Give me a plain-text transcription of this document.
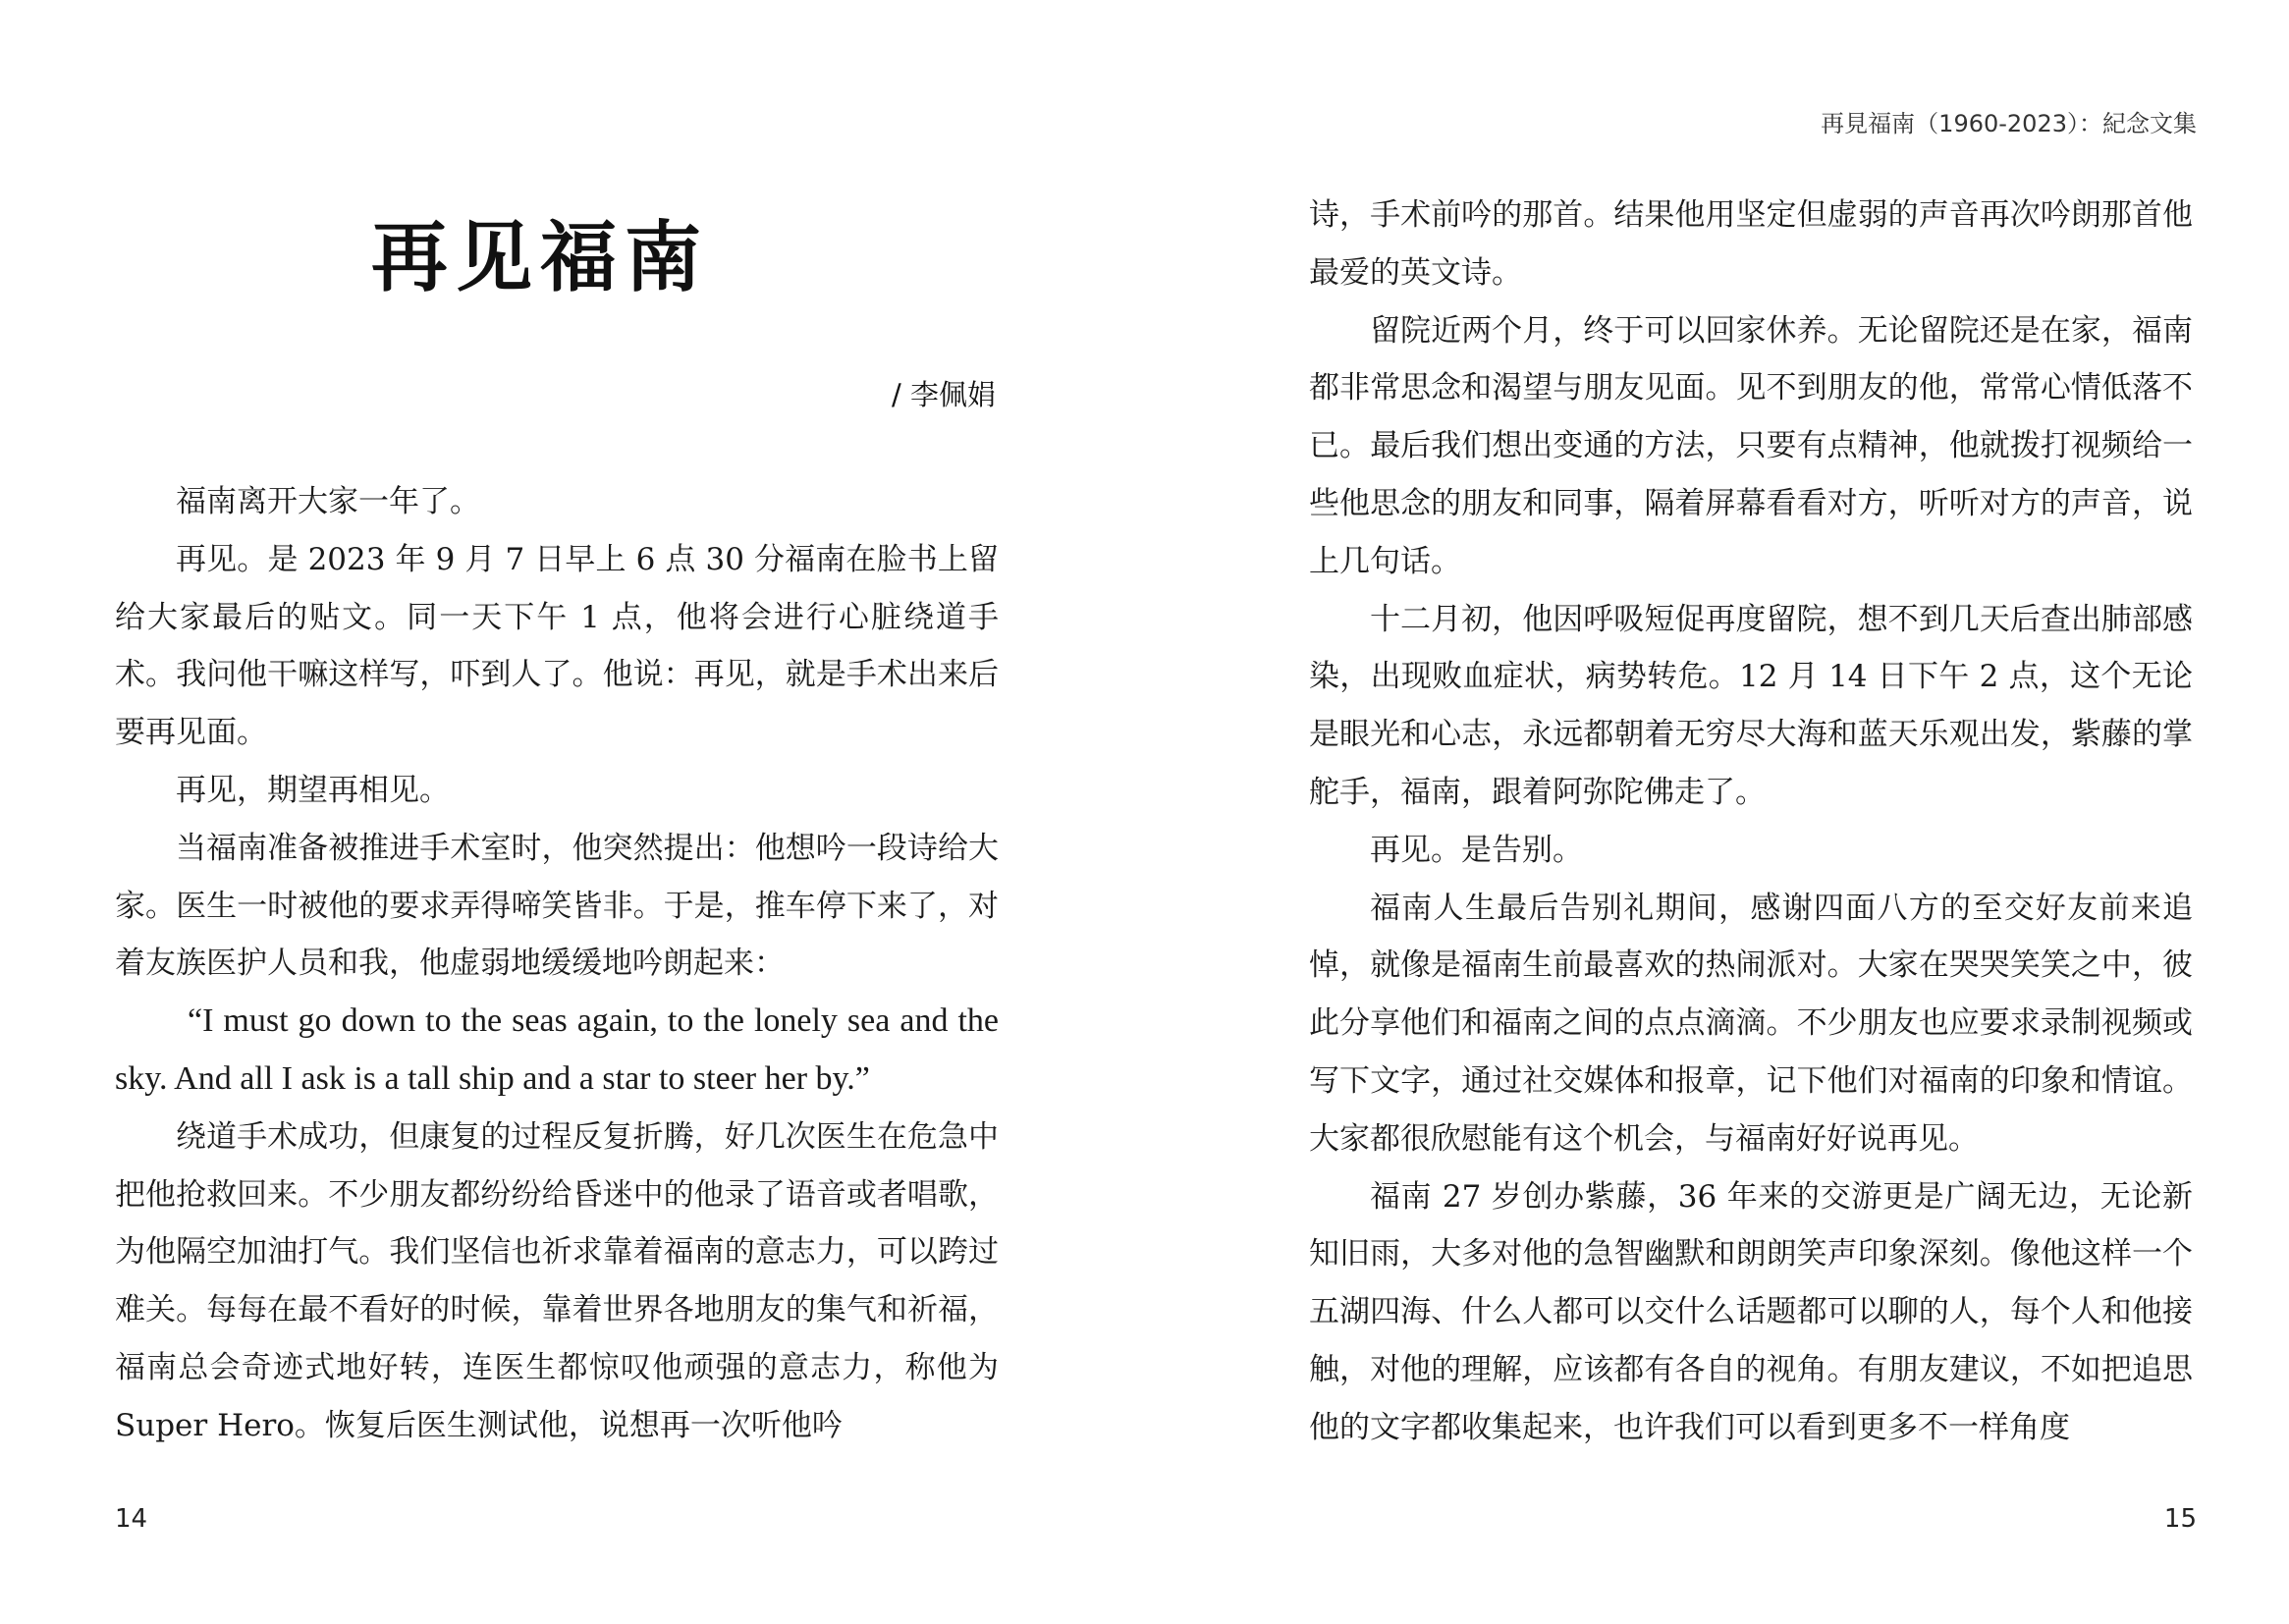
再见福南
/ 李佩娟

福南离开大家一年了。

再见。是 2023 年 9 月 7 日早上 6 点 30 分福南在脸书上留给大家最后的贴文。同一天下午 1 点，他将会进行心脏绕道手术。我问他干嘛这样写，吓到人了。他说：再见，就是手术出来后要再见面。

再见，期望再相见。

当福南准备被推进手术室时，他突然提出：他想吟一段诗给大家。医生一时被他的要求弄得啼笑皆非。于是，推车停下来了，对着友族医护人员和我，他虚弱地缓缓地吟朗起来：

“I must go down to the seas again, to the lonely sea and the sky. And all I ask is a tall ship and a star to steer her by.”

绕道手术成功，但康复的过程反复折腾，好几次医生在危急中把他抢救回来。不少朋友都纷纷给昏迷中的他录了语音或者唱歌，为他隔空加油打气。我们坚信也祈求靠着福南的意志力，可以跨过难关。每每在最不看好的时候，靠着世界各地朋友的集气和祈福，福南总会奇迹式地好转，连医生都惊叹他顽强的意志力，称他为 Super Hero。恢复后医生测试他，说想再一次听他吟

14
再見福南（1960-2023）：紀念文集

诗，手术前吟的那首。结果他用坚定但虚弱的声音再次吟朗那首他最爱的英文诗。

留院近两个月，终于可以回家休养。无论留院还是在家，福南都非常思念和渴望与朋友见面。见不到朋友的他，常常心情低落不已。最后我们想出变通的方法，只要有点精神，他就拨打视频给一些他思念的朋友和同事，隔着屏幕看看对方，听听对方的声音，说上几句话。

十二月初，他因呼吸短促再度留院，想不到几天后查出肺部感染，出现败血症状，病势转危。12 月 14 日下午 2 点，这个无论是眼光和心志，永远都朝着无穷尽大海和蓝天乐观出发，紫藤的掌舵手，福南，跟着阿弥陀佛走了。

再见。是告别。

福南人生最后告别礼期间，感谢四面八方的至交好友前来追悼，就像是福南生前最喜欢的热闹派对。大家在哭哭笑笑之中，彼此分享他们和福南之间的点点滴滴。不少朋友也应要求录制视频或写下文字，通过社交媒体和报章，记下他们对福南的印象和情谊。大家都很欣慰能有这个机会，与福南好好说再见。

福南 27 岁创办紫藤，36 年来的交游更是广阔无边，无论新知旧雨，大多对他的急智幽默和朗朗笑声印象深刻。像他这样一个五湖四海、什么人都可以交什么话题都可以聊的人，每个人和他接触，对他的理解，应该都有各自的视角。有朋友建议，不如把追思他的文字都收集起来，也许我们可以看到更多不一样角度

15
